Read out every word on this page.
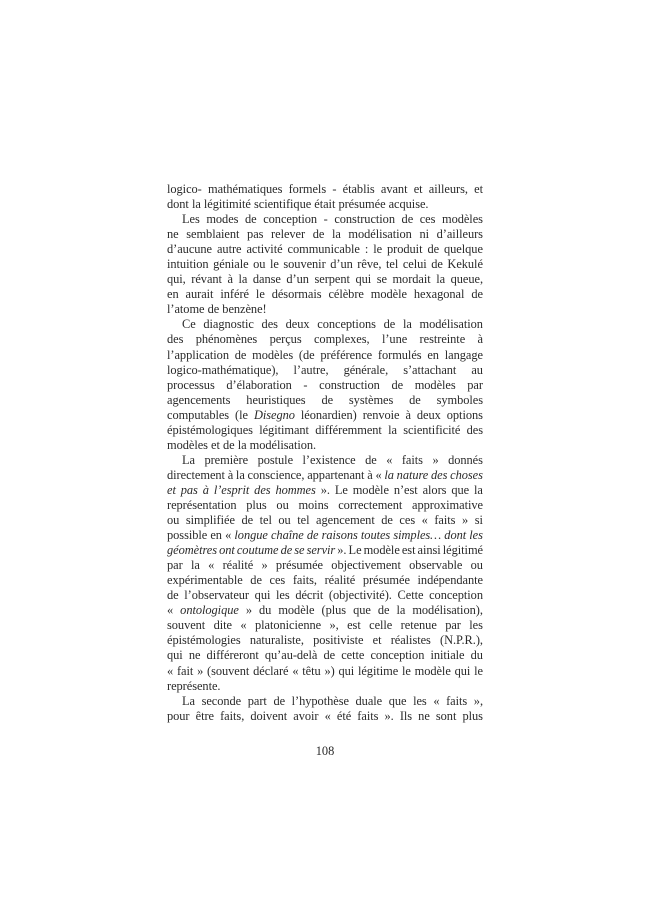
logico- mathématiques formels - établis avant et ailleurs, et
dont la légitimité scientifique était présumée acquise.
Les modes de conception - construction de ces modèles
ne semblaient pas relever de la modélisation ni d’ailleurs
d’aucune autre activité communicable : le produit de quelque
intuition géniale ou le souvenir d’un rêve, tel celui de Kekulé
qui, révant à la danse d’un serpent qui se mordait la queue,
en aurait inféré le désormais célèbre modèle hexagonal de
l’atome de benzène!
Ce diagnostic des deux conceptions de la modélisation
des phénomènes perçus complexes, l’une restreinte à
l’application de modèles (de préférence formulés en langage
logico-mathématique), l’autre, générale, s’attachant au
processus d’élaboration - construction de modèles par
agencements heuristiques de systèmes de symboles
computables (le Disegno léonardien) renvoie à deux options
épistémologiques légitimant différemment la scientificité des
modèles et de la modélisation.
La première postule l’existence de « faits » donnés
directement à la conscience, appartenant à « la nature des choses
et pas à l’esprit des hommes ». Le modèle n’est alors que la
représentation plus ou moins correctement approximative
ou simplifiée de tel ou tel agencement de ces « faits » si
possible en « longue chaîne de raisons toutes simples… dont les
géomètres ont coutume de se servir ». Le modèle est ainsi légitimé
par la « réalité » présumée objectivement observable ou
expérimentable de ces faits, réalité présumée indépendante
de l’observateur qui les décrit (objectivité). Cette conception
« ontologique » du modèle (plus que de la modélisation),
souvent dite « platonicienne », est celle retenue par les
épistémologies naturaliste, positiviste et réalistes (N.P.R.),
qui ne différeront qu’au-delà de cette conception initiale du
« fait » (souvent déclaré « têtu ») qui légitime le modèle qui le
représente.
La seconde part de l’hypothèse duale que les « faits »,
pour être faits, doivent avoir « été faits ». Ils ne sont plus
108
